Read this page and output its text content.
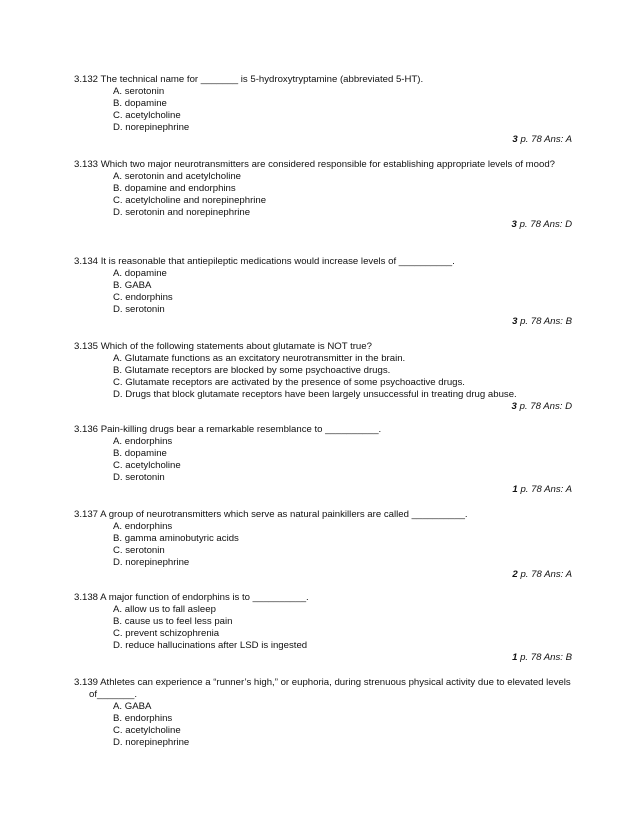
3.132 The technical name for _______ is 5-hydroxytryptamine (abbreviated 5-HT).

A. serotonin
B. dopamine
C. acetylcholine
D. norepinephrine
3 p. 78 Ans: A

3.133 Which two major neurotransmitters are considered responsible for establishing appropriate levels of mood?

A. serotonin and acetylcholine
B. dopamine and endorphins
C. acetylcholine and norepinephrine
D. serotonin and norepinephrine
3 p. 78 Ans: D

3.134 It is reasonable that antiepileptic medications would increase levels of __________.

A. dopamine
B. GABA
C. endorphins
D. serotonin
3 p. 78 Ans: B

3.135 Which of the following statements about glutamate is NOT true?

A. Glutamate functions as an excitatory neurotransmitter in the brain.
B. Glutamate receptors are blocked by some psychoactive drugs.
C. Glutamate receptors are activated by the presence of some psychoactive drugs.
D. Drugs that block glutamate receptors have been largely unsuccessful in treating drug abuse.
3 p. 78 Ans: D

3.136 Pain-killing drugs bear a remarkable resemblance to __________.

A. endorphins
B. dopamine
C. acetylcholine
D. serotonin
1 p. 78 Ans: A

3.137 A group of neurotransmitters which serve as natural painkillers are called __________.

A. endorphins
B. gamma aminobutyric acids
C. serotonin
D. norepinephrine
2 p. 78 Ans: A

3.138 A major function of endorphins is to __________.

A. allow us to fall asleep
B. cause us to feel less pain
C. prevent schizophrenia
D. reduce hallucinations after LSD is ingested
1 p. 78 Ans: B

3.139 Athletes can experience a “runner’s high,” or euphoria, during strenuous physical activity due to elevated levels of_______.

A. GABA
B. endorphins
C. acetylcholine
D. norepinephrine
